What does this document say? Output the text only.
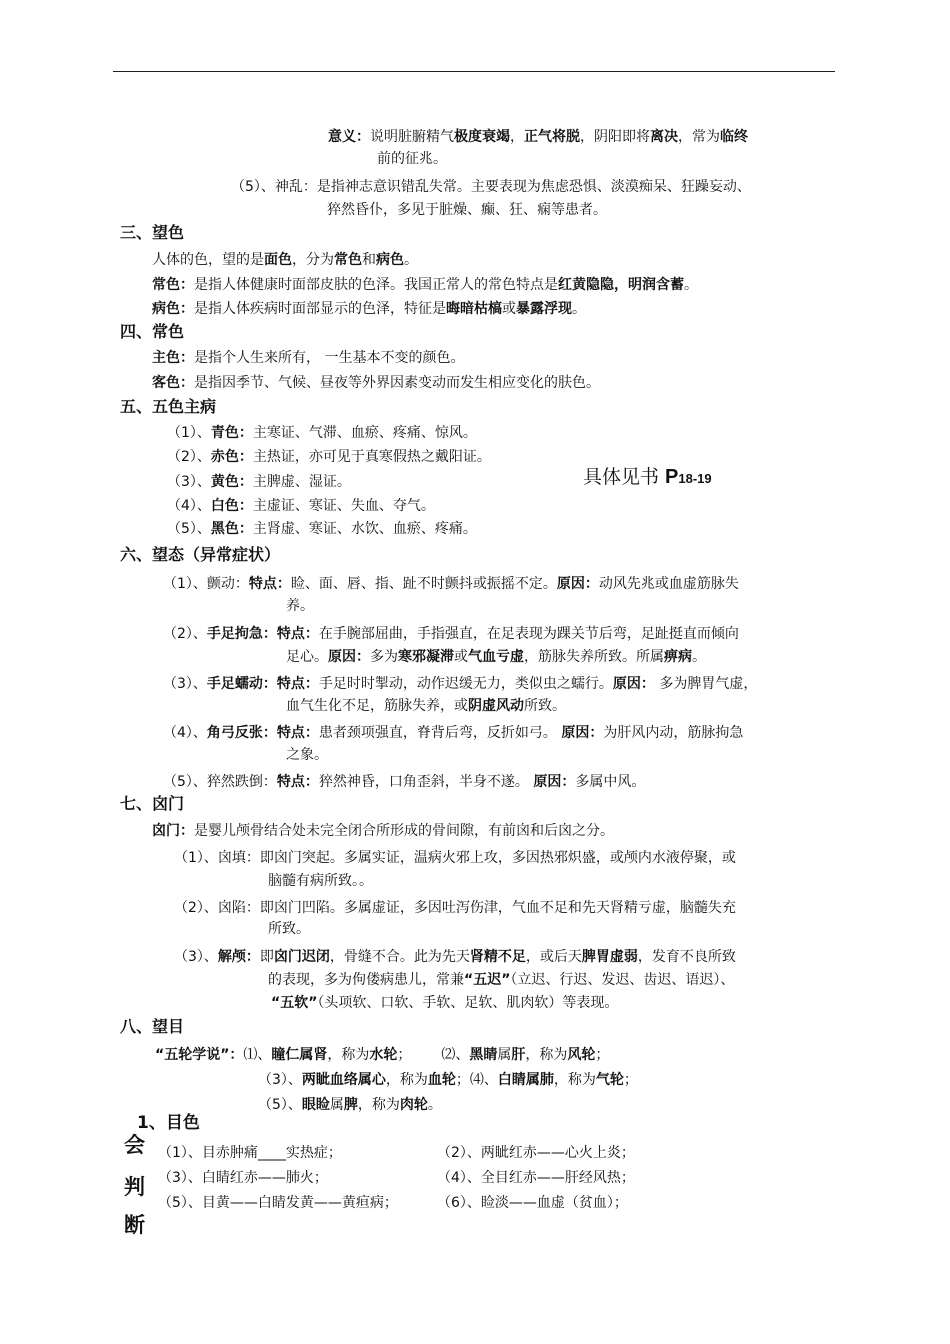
意义：说明脏腑精气极度衰竭，正气将脱，阴阳即将离决，常为临终
前的征兆。
（5）、神乱：是指神志意识错乱失常。主要表现为焦虑恐惧、淡漠痴呆、狂躁妄动、
猝然昏仆，多见于脏燥、癫、狂、痫等患者。
三、望色
人体的色，望的是面色，分为常色和病色。
常色：是指人体健康时面部皮肤的色泽。我国正常人的常色特点是红黄隐隐，明润含蓄。
病色：是指人体疾病时面部显示的色泽，特征是晦暗枯槁或暴露浮现。
四、常色
主色：是指个人生来所有， 一生基本不变的颜色。
客色：是指因季节、气候、昼夜等外界因素变动而发生相应变化的肤色。
五、五色主病
（1）、青色：主寒证、气滞、血瘀、疼痛、惊风。
（2）、赤色：主热证，亦可见于真寒假热之戴阳证。
（3）、黄色：主脾虚、湿证。
（4）、白色：主虚证、寒证、失血、夺气。
（5）、黑色：主肾虚、寒证、水饮、血瘀、疼痛。
具体见书 P18-19
六、望态（异常症状）
（1）、颤动：特点：睑、面、唇、指、趾不时颤抖或振摇不定。原因：动风先兆或血虚筋脉失
养。
（2）、手足拘急：特点：在手腕部屈曲，手指强直，在足表现为踝关节后弯，足趾挺直而倾向
足心。原因：多为寒邪凝滞或气血亏虚，筋脉失养所致。所属痹病。
（3）、手足蠕动：特点：手足时时掣动，动作迟缓无力，类似虫之蠕行。原因： 多为脾胃气虚，
血气生化不足，筋脉失养，或阴虚风动所致。
（4）、角弓反张：特点：患者颈项强直，脊背后弯，反折如弓。 原因：为肝风内动，筋脉拘急
之象。
（5）、猝然跌倒：特点：猝然神昏，口角歪斜，半身不遂。 原因：多属中风。
七、囟门
囟门：是婴儿颅骨结合处未完全闭合所形成的骨间隙，有前囟和后囟之分。
（1）、囟填：即囟门突起。多属实证，温病火邪上攻，多因热邪炽盛，或颅内水液停聚，或
脑髓有病所致。。
（2）、囟陷：即囟门凹陷。多属虚证，多因吐泻伤津，气血不足和先天肾精亏虚，脑髓失充
所致。
（3）、解颅：即囟门迟闭，骨缝不合。此为先天肾精不足，或后天脾胃虚弱，发育不良所致
的表现，多为佝偻病患儿，常兼“五迟”（立迟、行迟、发迟、齿迟、语迟）、
“五软”（头项软、口软、手软、足软、肌肉软）等表现。
八、望目
“五轮学说”：⑴、瞳仁属肾，称为水轮； ⑵、黑睛属肝，称为风轮；
（3）、两眦血络属心，称为血轮；⑷、白睛属肺，称为气轮；
（5）、眼睑属脾，称为肉轮。
1、目色
会
判
断
（1）、目赤肿痛____实热症；	（2）、两眦红赤——心火上炎；
（3）、白睛红赤——肺火；	（4）、全目红赤——肝经风热；
（5）、目黄——白睛发黄——黄疸病；	（6）、睑淡——血虚（贫血）；
